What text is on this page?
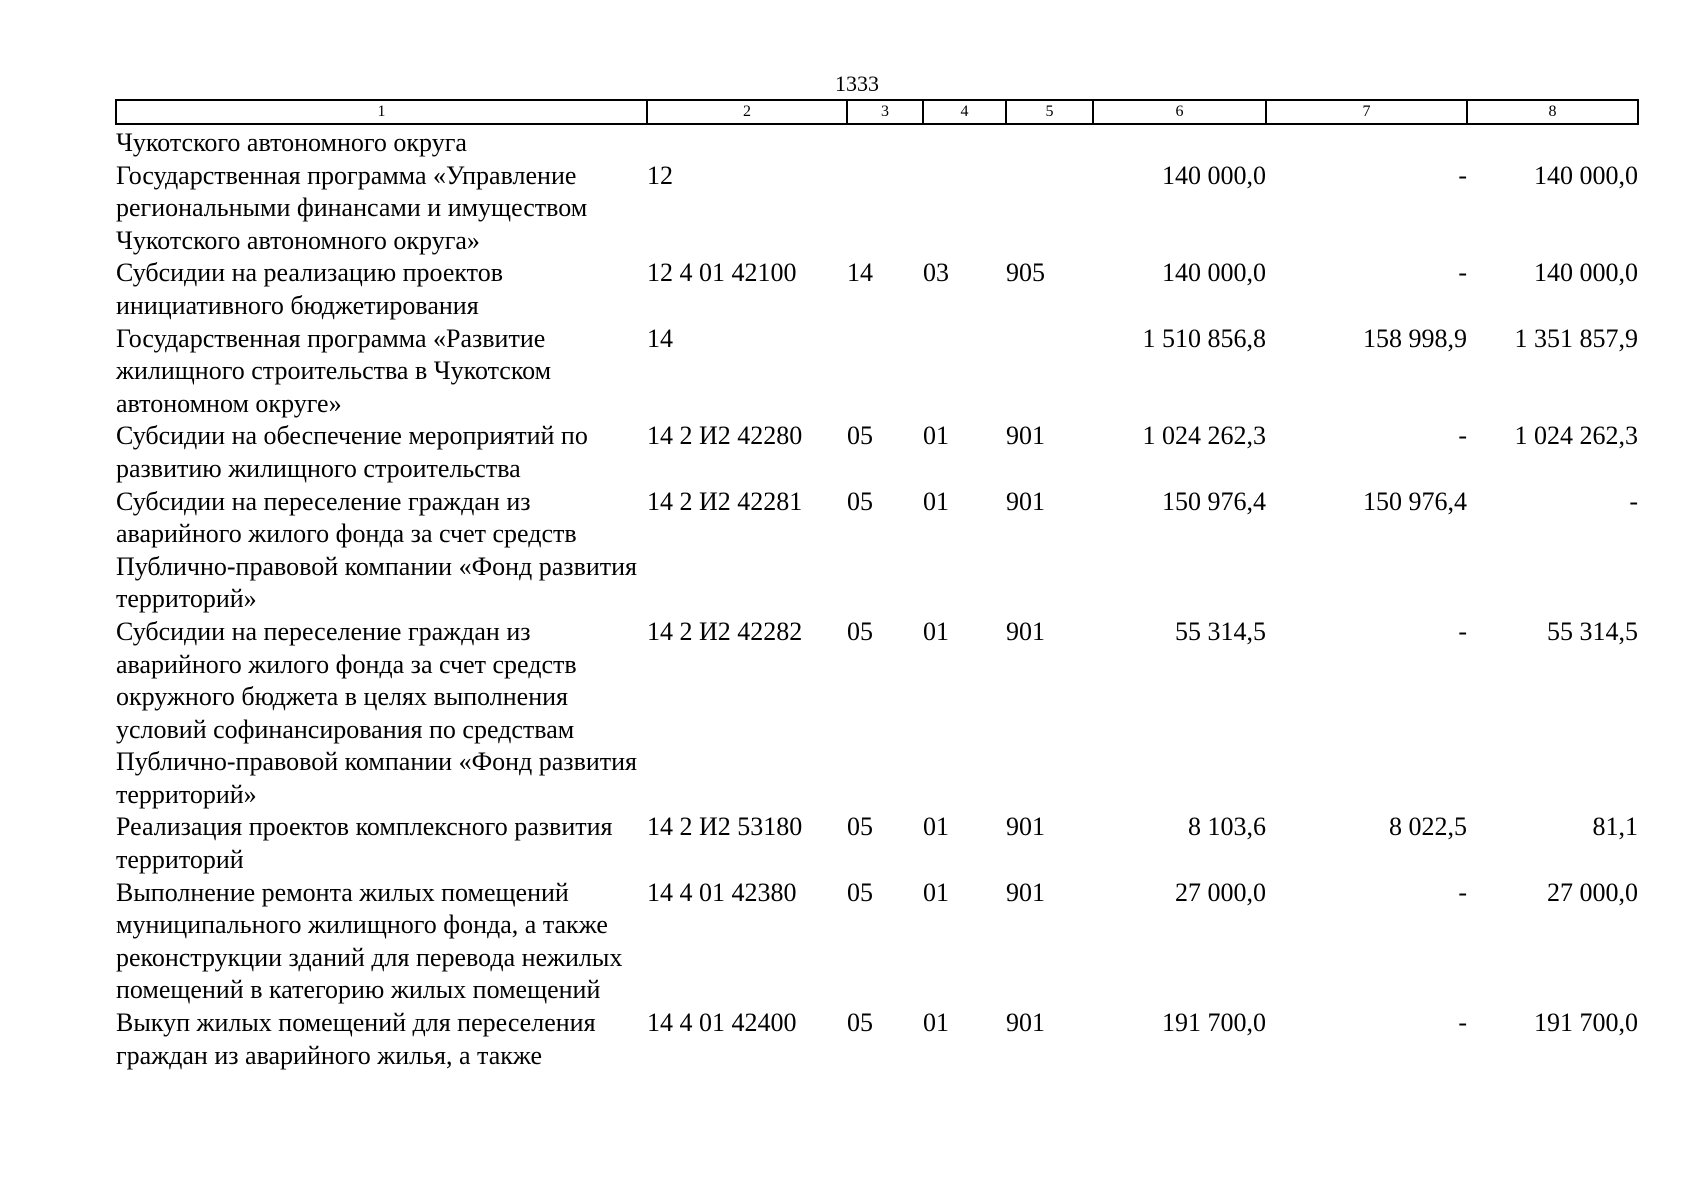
1333
1	2	3	4	5	6	7	8
Чукотского автономного округа							
Государственная программа «Управление региональными финансами и имуществом Чукотского автономного округа»	12				140 000,0	-	140 000,0
Субсидии на реализацию проектов инициативного бюджетирования	12 4 01 42100	14	03	905	140 000,0	-	140 000,0
Государственная программа «Развитие жилищного строительства в Чукотском автономном округе»	14				1 510 856,8	158 998,9	1 351 857,9
Субсидии на обеспечение мероприятий по развитию жилищного строительства	14 2 И2 42280	05	01	901	1 024 262,3	-	1 024 262,3
Субсидии на переселение граждан из аварийного жилого фонда за счет средств Публично-правовой компании «Фонд развития территорий»	14 2 И2 42281	05	01	901	150 976,4	150 976,4	-
Субсидии на переселение граждан из аварийного жилого фонда за счет средств окружного бюджета в целях выполнения условий софинансирования по средствам Публично-правовой компании «Фонд развития территорий»	14 2 И2 42282	05	01	901	55 314,5	-	55 314,5
Реализация проектов комплексного развития территорий	14 2 И2 53180	05	01	901	8 103,6	8 022,5	81,1
Выполнение ремонта жилых помещений муниципального жилищного фонда, а также реконструкции зданий для перевода нежилых помещений в категорию жилых помещений	14 4 01 42380	05	01	901	27 000,0	-	27 000,0
Выкуп жилых помещений для переселения граждан из аварийного жилья, а также	14 4 01 42400	05	01	901	191 700,0	-	191 700,0
